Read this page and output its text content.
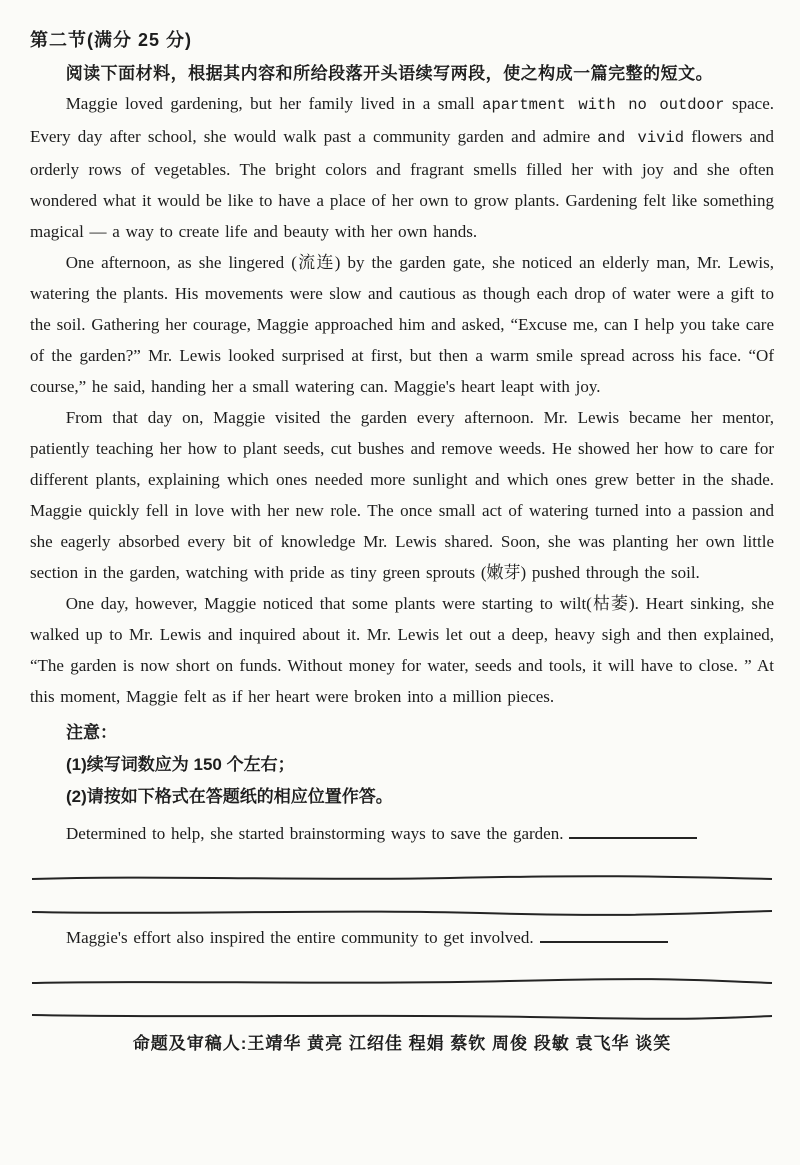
第二节(满分 25 分)

阅读下面材料，根据其内容和所给段落开头语续写两段，使之构成一篇完整的短文。

Maggie loved gardening, but her family lived in a small apartment with no outdoor space. Every day after school, she would walk past a community garden and admire and vivid flowers and orderly rows of vegetables. The bright colors and fragrant smells filled her with joy and she often wondered what it would be like to have a place of her own to grow plants. Gardening felt like something magical — a way to create life and beauty with her own hands.

One afternoon, as she lingered (流连) by the garden gate, she noticed an elderly man, Mr. Lewis, watering the plants. His movements were slow and cautious as though each drop of water were a gift to the soil. Gathering her courage, Maggie approached him and asked, “Excuse me, can I help you take care of the garden?” Mr. Lewis looked surprised at first, but then a warm smile spread across his face. “Of course,” he said, handing her a small watering can. Maggie's heart leapt with joy.

From that day on, Maggie visited the garden every afternoon. Mr. Lewis became her mentor, patiently teaching her how to plant seeds, cut bushes and remove weeds. He showed her how to care for different plants, explaining which ones needed more sunlight and which ones grew better in the shade. Maggie quickly fell in love with her new role. The once small act of watering turned into a passion and she eagerly absorbed every bit of knowledge Mr. Lewis shared. Soon, she was planting her own little section in the garden, watching with pride as tiny green sprouts (嫩芽) pushed through the soil.

One day, however, Maggie noticed that some plants were starting to wilt(枯萎). Heart sinking, she walked up to Mr. Lewis and inquired about it. Mr. Lewis let out a deep, heavy sigh and then explained, “The garden is now short on funds. Without money for water, seeds and tools, it will have to close. ” At this moment, Maggie felt as if her heart were broken into a million pieces.

注意：

(1)续写词数应为 150 个左右；

(2)请按如下格式在答题纸的相应位置作答。

Determined to help, she started brainstorming ways to save the garden.

Maggie's effort also inspired the entire community to get involved.

命题及审稿人:王靖华 黄亮 江绍佳 程娟 蔡钦 周俊 段敏 袁飞华 谈笑
